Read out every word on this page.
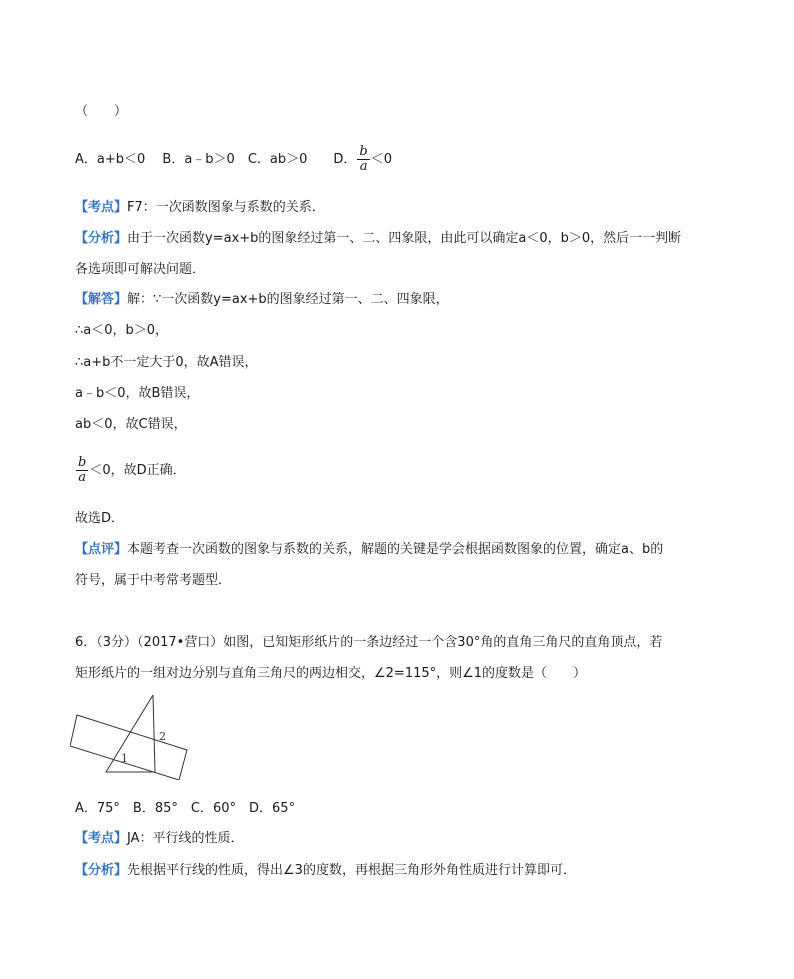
（　　）
A．a+b＜0　 B．a﹣b＞0　C．ab＞0　　D． $\frac{b}{a} <0$
【考点】F7：一次函数图象与系数的关系．
【分析】由于一次函数y=ax+b的图象经过第一、二、四象限，由此可以确定a＜0，b＞0，然后一一判断
各选项即可解决问题．
【解答】解：∵一次函数y=ax+b的图象经过第一、二、四象限，
∴a＜0，b＞0，
∴a+b不一定大于0，故A错误，
a﹣b＜0，故B错误，
ab＜0，故C错误，
$\frac{b}{a} <0$，故D正确．
故选D．
【点评】本题考查一次函数的图象与系数的关系，解题的关键是学会根据函数图象的位置，确定a、b的
符号，属于中考常考题型．
6．（3分）（2017•营口）如图，已知矩形纸片的一条边经过一个含30°角的直角三角尺的直角顶点，若
矩形纸片的一组对边分别与直角三角尺的两边相交，∠2=115°，则∠1的度数是（　　）
1
2
A．75°　B．85°　C．60°　D．65°
【考点】JA：平行线的性质．
【分析】先根据平行线的性质，得出∠3的度数，再根据三角形外角性质进行计算即可．
